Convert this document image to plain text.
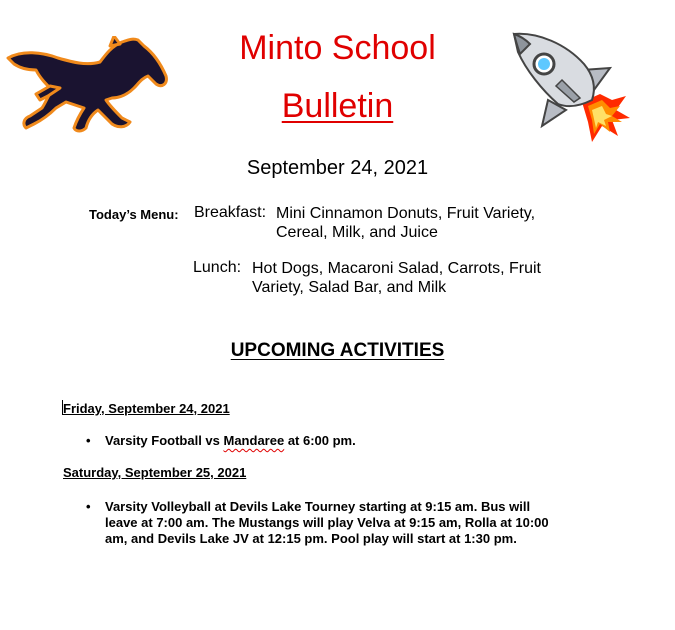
Minto School
Bulletin
September 24, 2021
Today’s Menu: Breakfast: Mini Cinnamon Donuts, Fruit Variety,
Cereal, Milk, and Juice
Lunch: Hot Dogs, Macaroni Salad, Carrots, Fruit
Variety, Salad Bar, and Milk
UPCOMING ACTIVITIES
Friday, September 24, 2021
• Varsity Football vs Mandaree at 6:00 pm.
Saturday, September 25, 2021
• Varsity Volleyball at Devils Lake Tourney starting at 9:15 am. Bus will
leave at 7:00 am. The Mustangs will play Velva at 9:15 am, Rolla at 10:00
am, and Devils Lake JV at 12:15 pm. Pool play will start at 1:30 pm.
